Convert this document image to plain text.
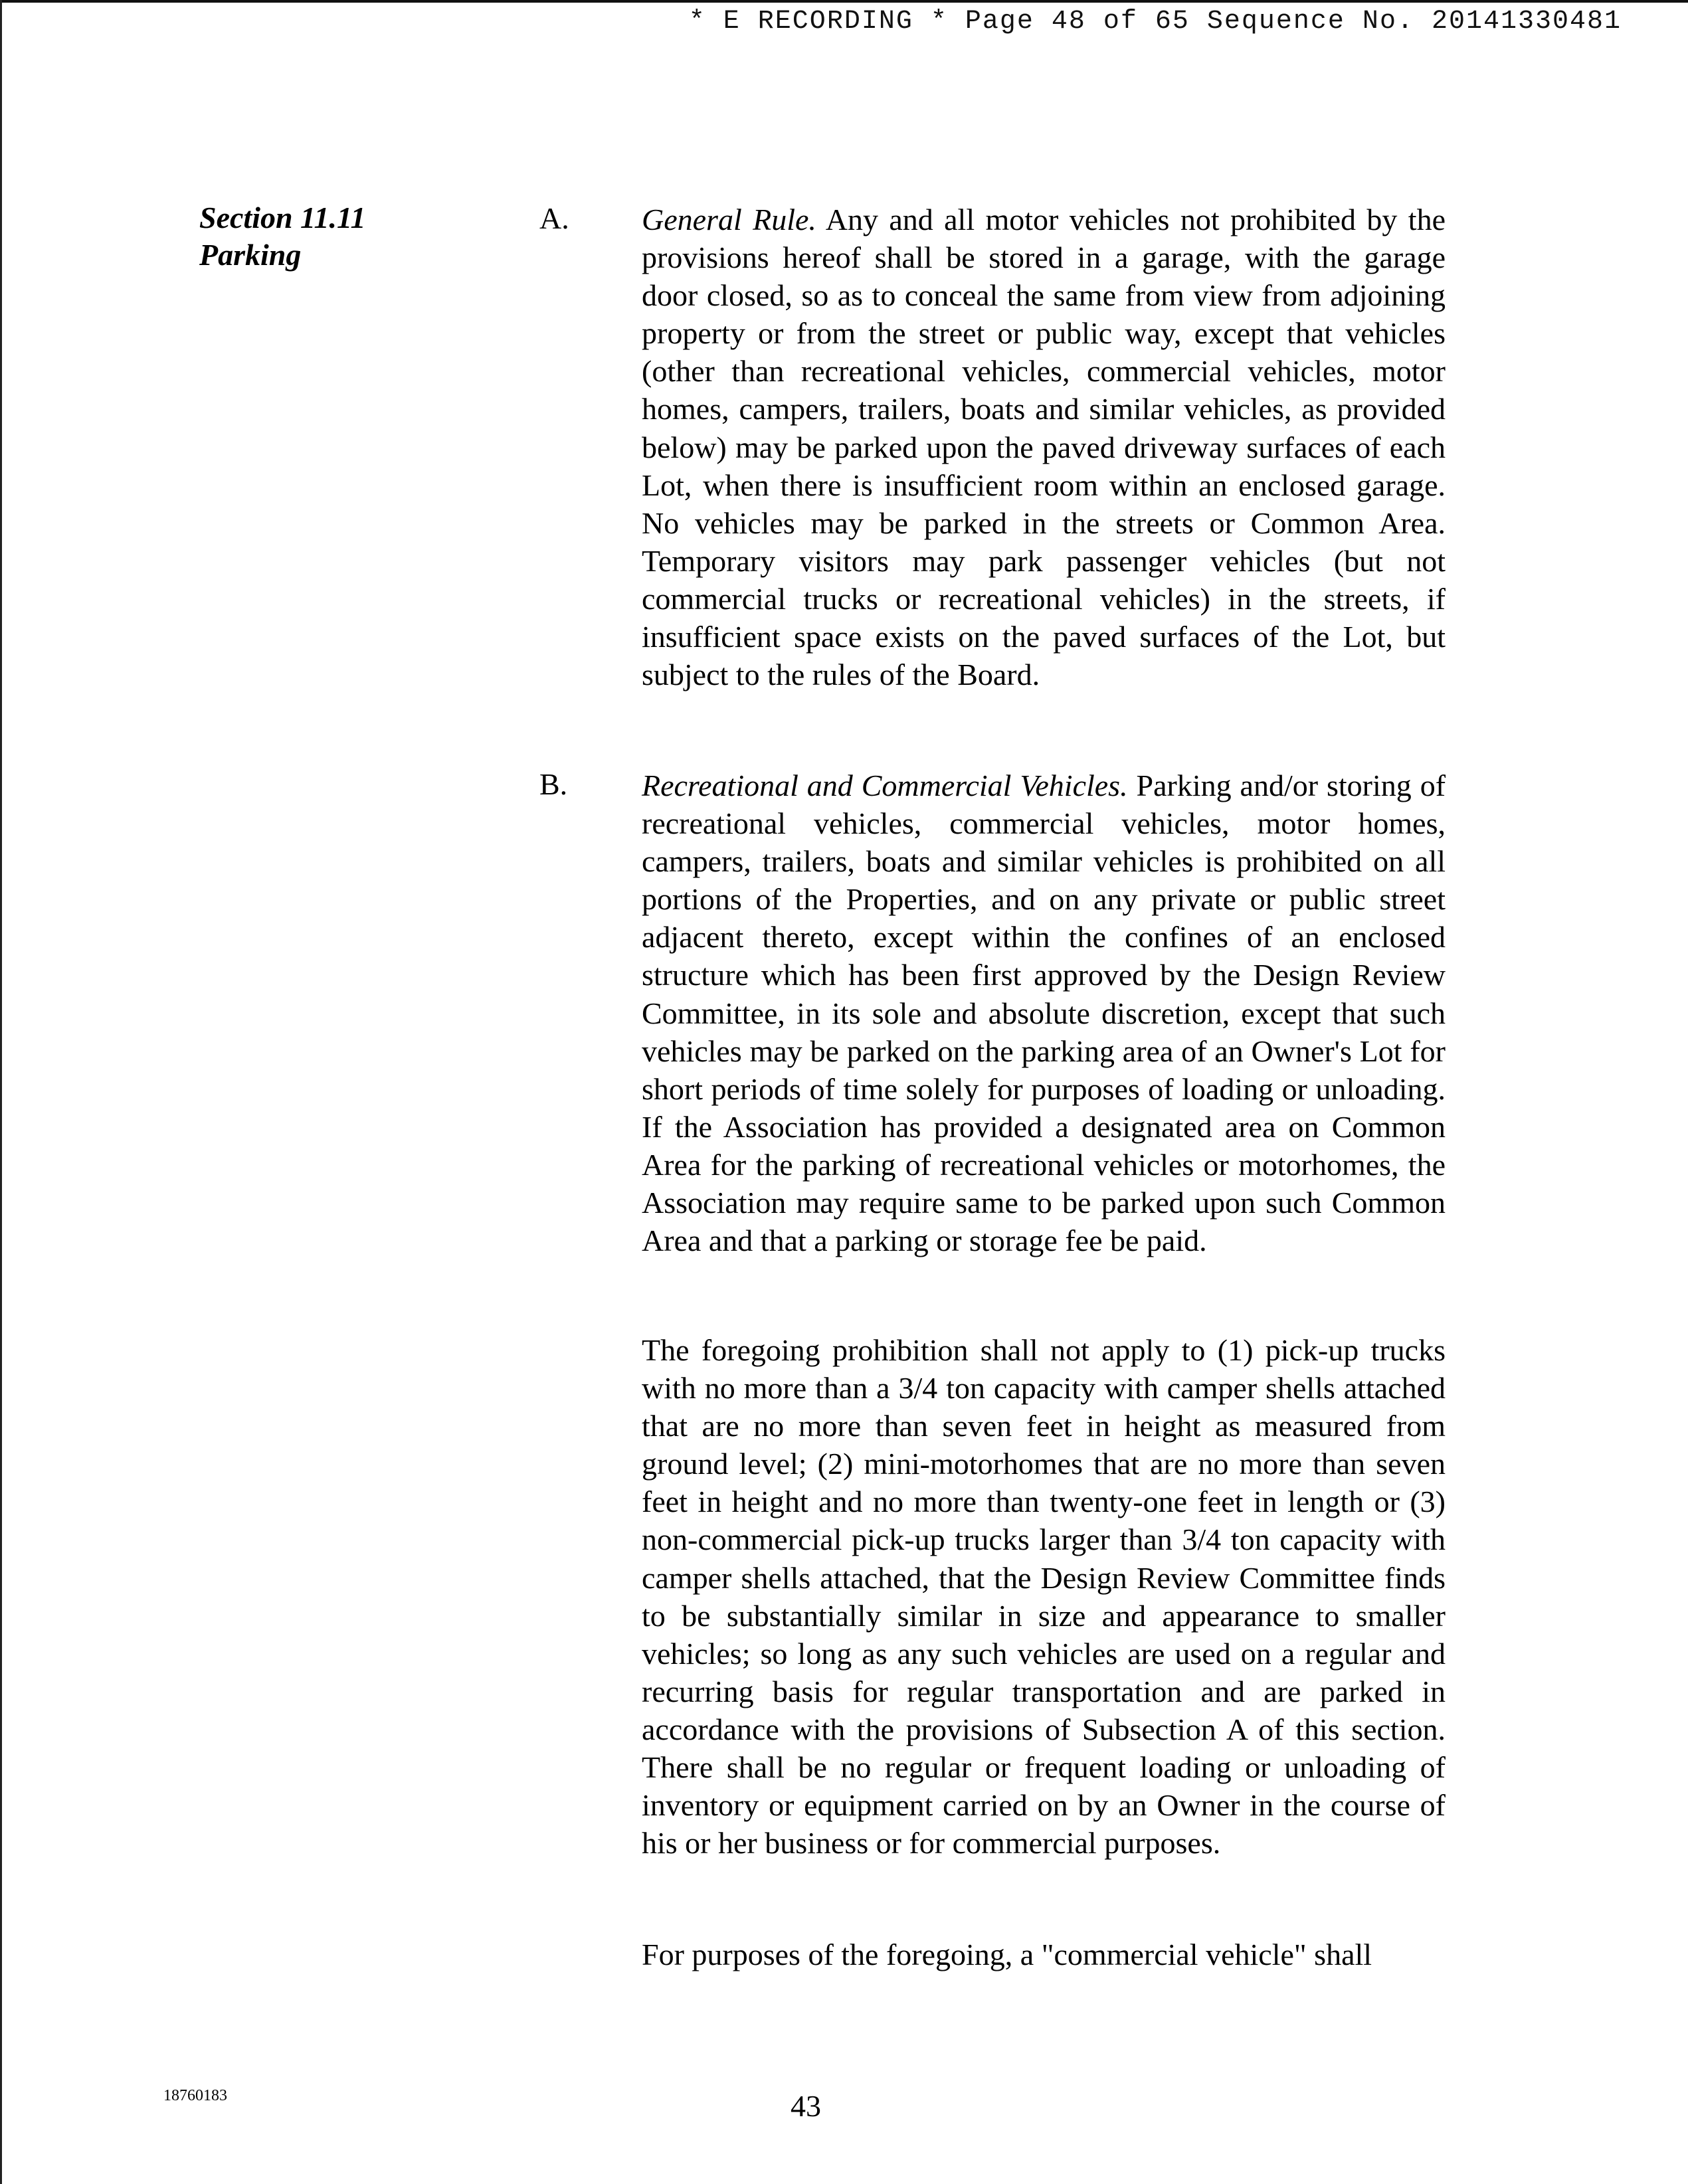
* E RECORDING * Page 48 of 65 Sequence No. 20141330481
Section 11.11
Parking
A. General Rule. Any and all motor vehicles not prohibited by the provisions hereof shall be stored in a garage, with the garage door closed, so as to conceal the same from view from adjoining property or from the street or public way, except that vehicles (other than recreational vehicles, commercial vehicles, motor homes, campers, trailers, boats and similar vehicles, as provided below) may be parked upon the paved driveway surfaces of each Lot, when there is insufficient room within an enclosed garage. No vehicles may be parked in the streets or Common Area. Temporary visitors may park passenger vehicles (but not commercial trucks or recreational vehicles) in the streets, if insufficient space exists on the paved surfaces of the Lot, but subject to the rules of the Board.

B. Recreational and Commercial Vehicles. Parking and/or storing of recreational vehicles, commercial vehicles, motor homes, campers, trailers, boats and similar vehicles is prohibited on all portions of the Properties, and on any private or public street adjacent thereto, except within the confines of an enclosed structure which has been first approved by the Design Review Committee, in its sole and absolute discretion, except that such vehicles may be parked on the parking area of an Owner's Lot for short periods of time solely for purposes of loading or unloading. If the Association has provided a designated area on Common Area for the parking of recreational vehicles or motorhomes, the Association may require same to be parked upon such Common Area and that a parking or storage fee be paid.

The foregoing prohibition shall not apply to (1) pick-up trucks with no more than a 3/4 ton capacity with camper shells attached that are no more than seven feet in height as measured from ground level; (2) mini-motorhomes that are no more than seven feet in height and no more than twenty-one feet in length or (3) non-commercial pick-up trucks larger than 3/4 ton capacity with camper shells attached, that the Design Review Committee finds to be substantially similar in size and appearance to smaller vehicles; so long as any such vehicles are used on a regular and recurring basis for regular transportation and are parked in accordance with the provisions of Subsection A of this section. There shall be no regular or frequent loading or unloading of inventory or equipment carried on by an Owner in the course of his or her business or for commercial purposes.

For purposes of the foregoing, a "commercial vehicle" shall

18760183	43
